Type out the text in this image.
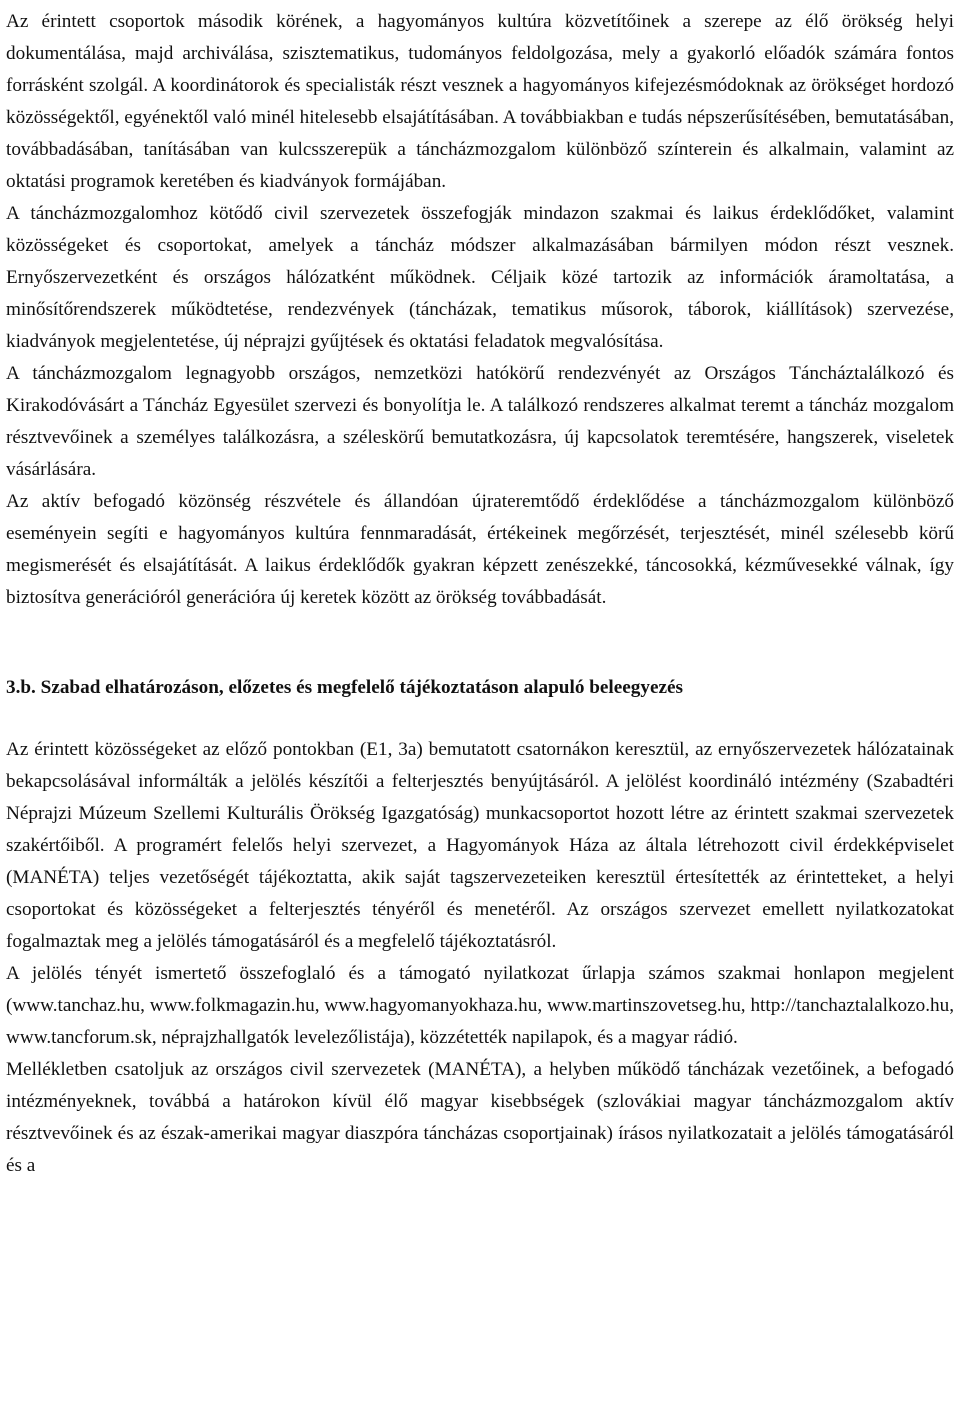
Az érintett csoportok második körének, a hagyományos kultúra közvetítőinek a szerepe az élő örökség helyi dokumentálása, majd archiválása, szisztematikus, tudományos feldolgozása, mely a gyakorló előadók számára fontos forrásként szolgál. A koordinátorok és specialisták részt vesznek a hagyományos kifejezésmódoknak az örökséget hordozó közösségektől, egyénektől való minél hitelesebb elsajátításában. A továbbiakban e tudás népszerűsítésében, bemutatásában, továbbadásában, tanításában van kulcsszerepük a táncházmozgalom különböző színterein és alkalmain, valamint az oktatási programok keretében és kiadványok formájában.

A táncházmozgalomhoz kötődő civil szervezetek összefogják mindazon szakmai és laikus érdeklődőket, valamint közösségeket és csoportokat, amelyek a táncház módszer alkalmazásában bármilyen módon részt vesznek. Ernyőszervezetként és országos hálózatként működnek. Céljaik közé tartozik az információk áramoltatása, a minősítőrendszerek működtetése, rendezvények (táncházak, tematikus műsorok, táborok, kiállítások) szervezése, kiadványok megjelentetése, új néprajzi gyűjtések és oktatási feladatok megvalósítása.

A táncházmozgalom legnagyobb országos, nemzetközi hatókörű rendezvényét az Országos Táncháztalálkozó és Kirakodóvásárt a Táncház Egyesület szervezi és bonyolítja le. A találkozó rendszeres alkalmat teremt a táncház mozgalom résztvevőinek a személyes találkozásra, a széleskörű bemutatkozásra, új kapcsolatok teremtésére, hangszerek, viseletek vásárlására.

Az aktív befogadó közönség részvétele és állandóan újrateremtődő érdeklődése a táncházmozgalom különböző eseményein segíti e hagyományos kultúra fennmaradását, értékeinek megőrzését, terjesztését, minél szélesebb körű megismerését és elsajátítását. A laikus érdeklődők gyakran képzett zenészekké, táncosokká, kézművesekké válnak, így biztosítva generációról generációra új keretek között az örökség továbbadását.

3.b. Szabad elhatározáson, előzetes és megfelelő tájékoztatáson alapuló beleegyezés

Az érintett közösségeket az előző pontokban (E1, 3a) bemutatott csatornákon keresztül, az ernyőszervezetek hálózatainak bekapcsolásával informálták a jelölés készítői a felterjesztés benyújtásáról. A jelölést koordináló intézmény (Szabadtéri Néprajzi Múzeum Szellemi Kulturális Örökség Igazgatóság) munkacsoportot hozott létre az érintett szakmai szervezetek szakértőiből. A programért felelős helyi szervezet, a Hagyományok Háza az általa létrehozott civil érdekképviselet (MANÉTA) teljes vezetőségét tájékoztatta, akik saját tagszervezeteiken keresztül értesítették az érintetteket, a helyi csoportokat és közösségeket a felterjesztés tényéről és menetéről. Az országos szervezet emellett nyilatkozatokat fogalmaztak meg a jelölés támogatásáról és a megfelelő tájékoztatásról.

A jelölés tényét ismertető összefoglaló és a támogató nyilatkozat űrlapja számos szakmai honlapon megjelent (www.tanchaz.hu, www.folkmagazin.hu, www.hagyomanyokhaza.hu, www.martinszovetseg.hu, http://tanchaztalalkozo.hu, www.tancforum.sk, néprajzhallgatók levelezőlistája), közzétették napilapok, és a magyar rádió.

Mellékletben csatoljuk az országos civil szervezetek (MANÉTA), a helyben működő táncházak vezetőinek, a befogadó intézményeknek, továbbá a határokon kívül élő magyar kisebbségek (szlovákiai magyar táncházmozgalom aktív résztvevőinek és az észak-amerikai magyar diaszpóra táncházas csoportjainak) írásos nyilatkozatait a jelölés támogatásáról és a
